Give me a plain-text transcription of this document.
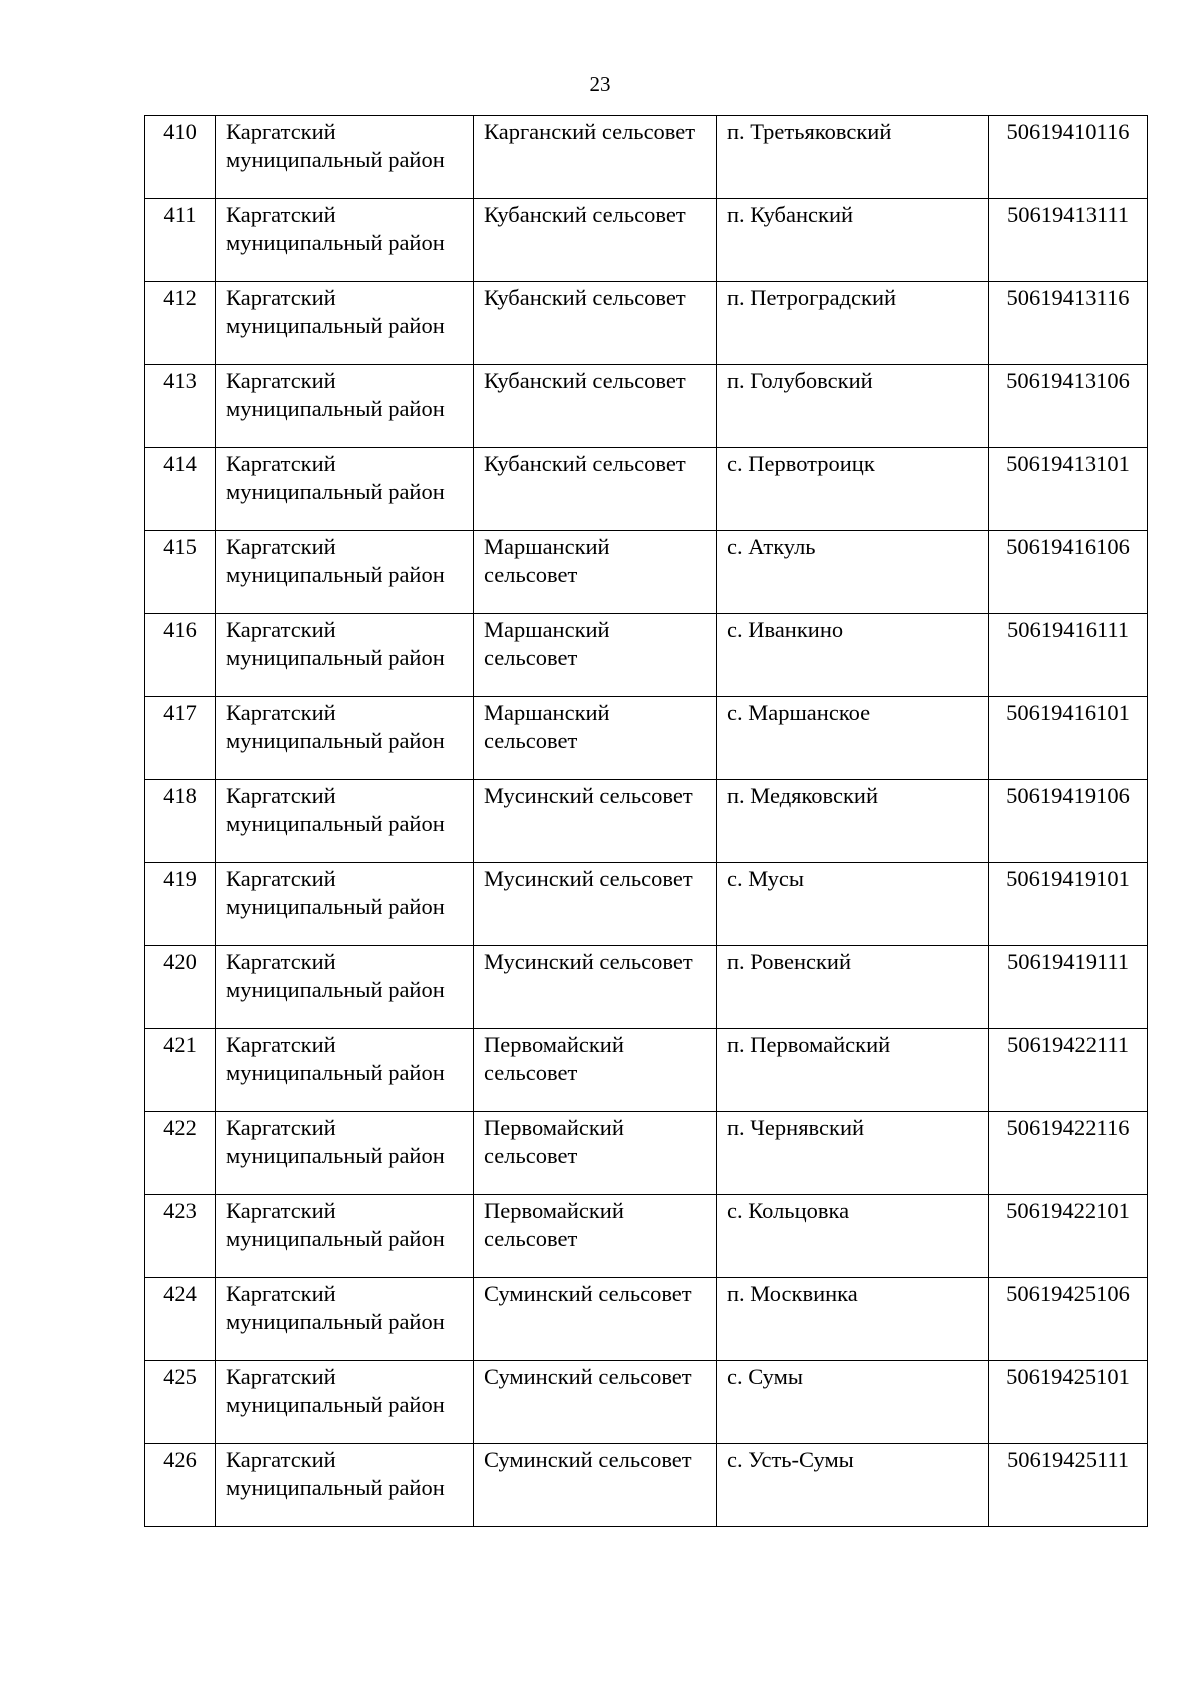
23
410	Каргатский муниципальный район	Карганский сельсовет	п. Третьяковский	50619410116
411	Каргатский муниципальный район	Кубанский сельсовет	п. Кубанский	50619413111
412	Каргатский муниципальный район	Кубанский сельсовет	п. Петроградский	50619413116
413	Каргатский муниципальный район	Кубанский сельсовет	п. Голубовский	50619413106
414	Каргатский муниципальный район	Кубанский сельсовет	с. Первотроицк	50619413101
415	Каргатский муниципальный район	Маршанский сельсовет	с. Аткуль	50619416106
416	Каргатский муниципальный район	Маршанский сельсовет	с. Иванкино	50619416111
417	Каргатский муниципальный район	Маршанский сельсовет	с. Маршанское	50619416101
418	Каргатский муниципальный район	Мусинский сельсовет	п. Медяковский	50619419106
419	Каргатский муниципальный район	Мусинский сельсовет	с. Мусы	50619419101
420	Каргатский муниципальный район	Мусинский сельсовет	п. Ровенский	50619419111
421	Каргатский муниципальный район	Первомайский сельсовет	п. Первомайский	50619422111
422	Каргатский муниципальный район	Первомайский сельсовет	п. Чернявский	50619422116
423	Каргатский муниципальный район	Первомайский сельсовет	с. Кольцовка	50619422101
424	Каргатский муниципальный район	Суминский сельсовет	п. Москвинка	50619425106
425	Каргатский муниципальный район	Суминский сельсовет	с. Сумы	50619425101
426	Каргатский муниципальный район	Суминский сельсовет	с. Усть-Сумы	50619425111
